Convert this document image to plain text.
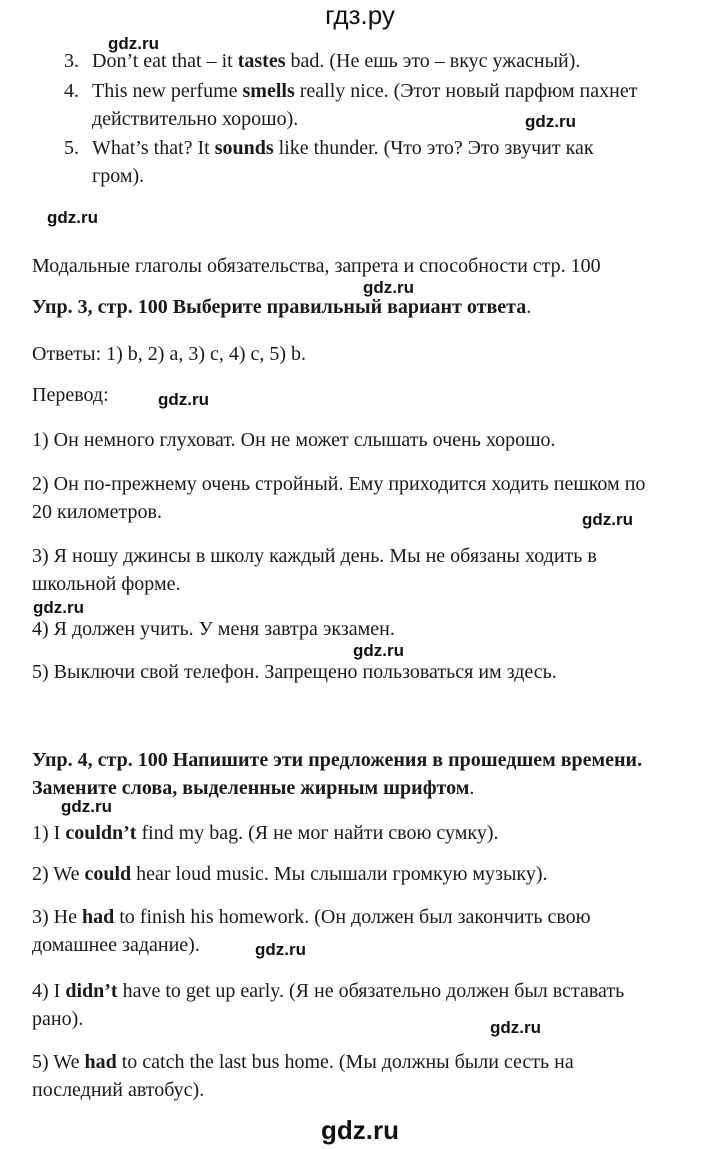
гдз.ру
gdz.ru
gdz.ru
gdz.ru
gdz.ru
gdz.ru
gdz.ru
gdz.ru
gdz.ru
gdz.ru
gdz.ru
gdz.ru
3. Don’t eat that – it tastes bad. (Не ешь это – вкус ужасный).
4. This new perfume smells really nice. (Этот новый парфюм пахнет
действительно хорошо).
5. What’s that? It sounds like thunder. (Что это? Это звучит как
гром).
Модальные глаголы обязательства, запрета и способности стр. 100
Упр. 3, стр. 100 Выберите правильный вариант ответа.
Ответы: 1) b, 2) a, 3) c, 4) c, 5) b.
Перевод:
1) Он немного глуховат. Он не может слышать очень хорошо.
2) Он по-прежнему очень стройный. Ему приходится ходить пешком по
20 километров.
3) Я ношу джинсы в школу каждый день. Мы не обязаны ходить в
школьной форме.
4) Я должен учить. У меня завтра экзамен.
5) Выключи свой телефон. Запрещено пользоваться им здесь.
Упр. 4, стр. 100 Напишите эти предложения в прошедшем времени.
Замените слова, выделенные жирным шрифтом.
1) I couldn’t find my bag. (Я не мог найти свою сумку).
2) We could hear loud music. Мы слышали громкую музыку).
3) He had to finish his homework. (Он должен был закончить свою
домашнее задание).
4) I didn’t have to get up early. (Я не обязательно должен был вставать
рано).
5) We had to catch the last bus home. (Мы должны были сесть на
последний автобус).
gdz.ru
